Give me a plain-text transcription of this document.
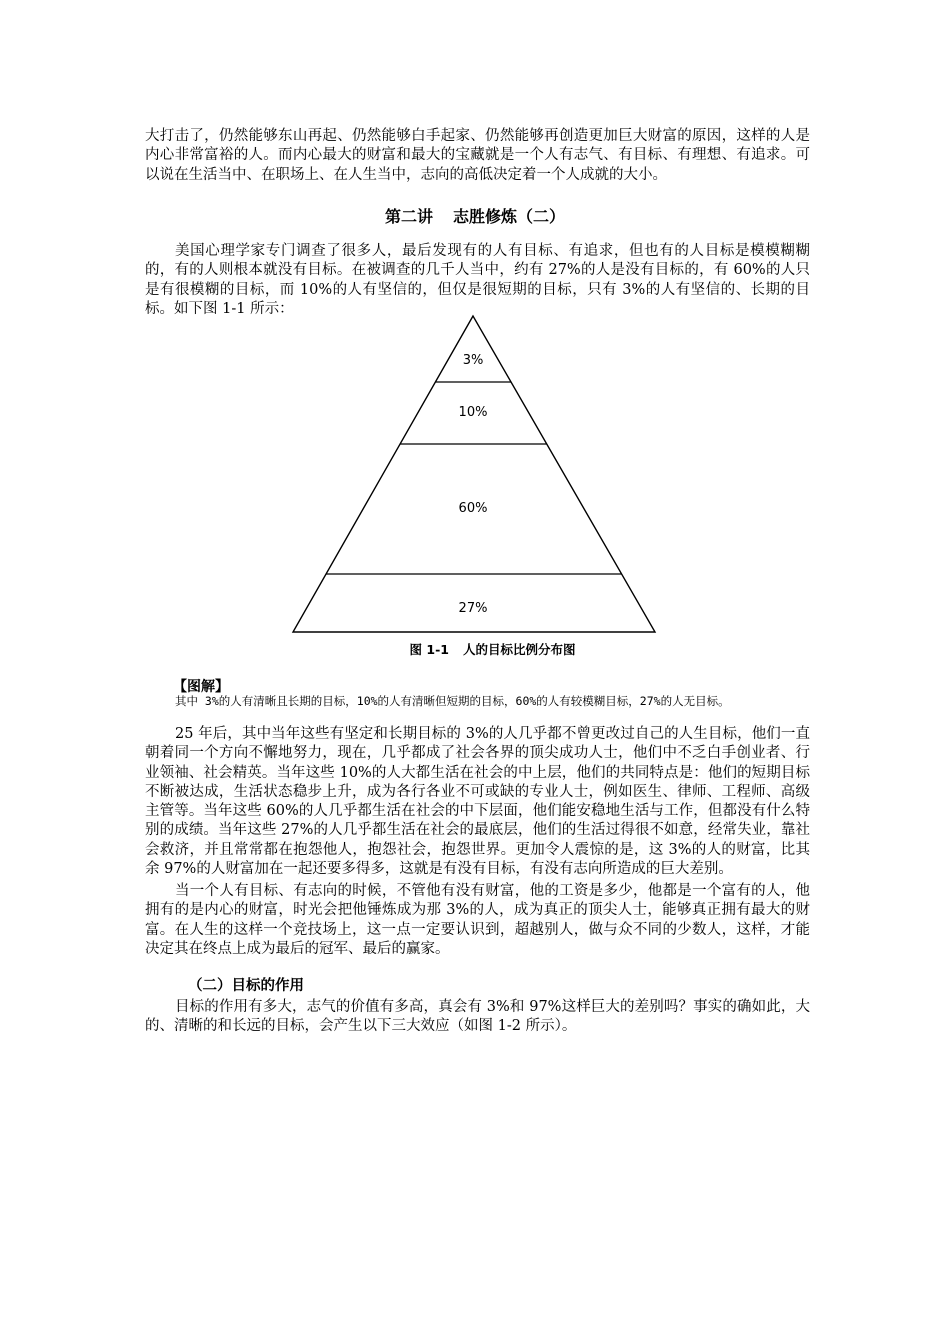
大打击了，仍然能够东山再起、仍然能够白手起家、仍然能够再创造更加巨大财富的原因，这样的人是内心非常富裕的人。而内心最大的财富和最大的宝藏就是一个人有志气、有目标、有理想、有追求。可以说在生活当中、在职场上、在人生当中，志向的高低决定着一个人成就的大小。

第二讲 志胜修炼（二）

美国心理学家专门调查了很多人，最后发现有的人有目标、有追求，但也有的人目标是模模糊糊的，有的人则根本就没有目标。在被调查的几千人当中，约有 27%的人是没有目标的，有 60%的人只是有很模糊的目标，而 10%的人有坚信的，但仅是很短期的目标，只有 3%的人有坚信的、长期的目标。如下图 1-1 所示：

3%
10%
60%
27%
图 1-1 人的目标比例分布图

【图解】

其中 3%的人有清晰且长期的目标，10%的人有清晰但短期的目标，60%的人有较模糊目标，27%的人无目标。

25 年后，其中当年这些有坚定和长期目标的 3%的人几乎都不曾更改过自己的人生目标，他们一直朝着同一个方向不懈地努力，现在，几乎都成了社会各界的顶尖成功人士，他们中不乏白手创业者、行业领袖、社会精英。当年这些 10%的人大都生活在社会的中上层，他们的共同特点是：他们的短期目标不断被达成，生活状态稳步上升，成为各行各业不可或缺的专业人士，例如医生、律师、工程师、高级主管等。当年这些 60%的人几乎都生活在社会的中下层面，他们能安稳地生活与工作，但都没有什么特别的成绩。当年这些 27%的人几乎都生活在社会的最底层，他们的生活过得很不如意，经常失业，靠社会救济，并且常常都在抱怨他人，抱怨社会，抱怨世界。更加令人震惊的是，这 3%的人的财富，比其余 97%的人财富加在一起还要多得多，这就是有没有目标，有没有志向所造成的巨大差别。

当一个人有目标、有志向的时候，不管他有没有财富，他的工资是多少，他都是一个富有的人，他拥有的是内心的财富，时光会把他锤炼成为那 3%的人，成为真正的顶尖人士，能够真正拥有最大的财富。在人生的这样一个竞技场上，这一点一定要认识到，超越别人，做与众不同的少数人，这样，才能决定其在终点上成为最后的冠军、最后的赢家。

（二）目标的作用

目标的作用有多大，志气的价值有多高，真会有 3%和 97%这样巨大的差别吗？事实的确如此，大的、清晰的和长远的目标，会产生以下三大效应（如图 1-2 所示）。
